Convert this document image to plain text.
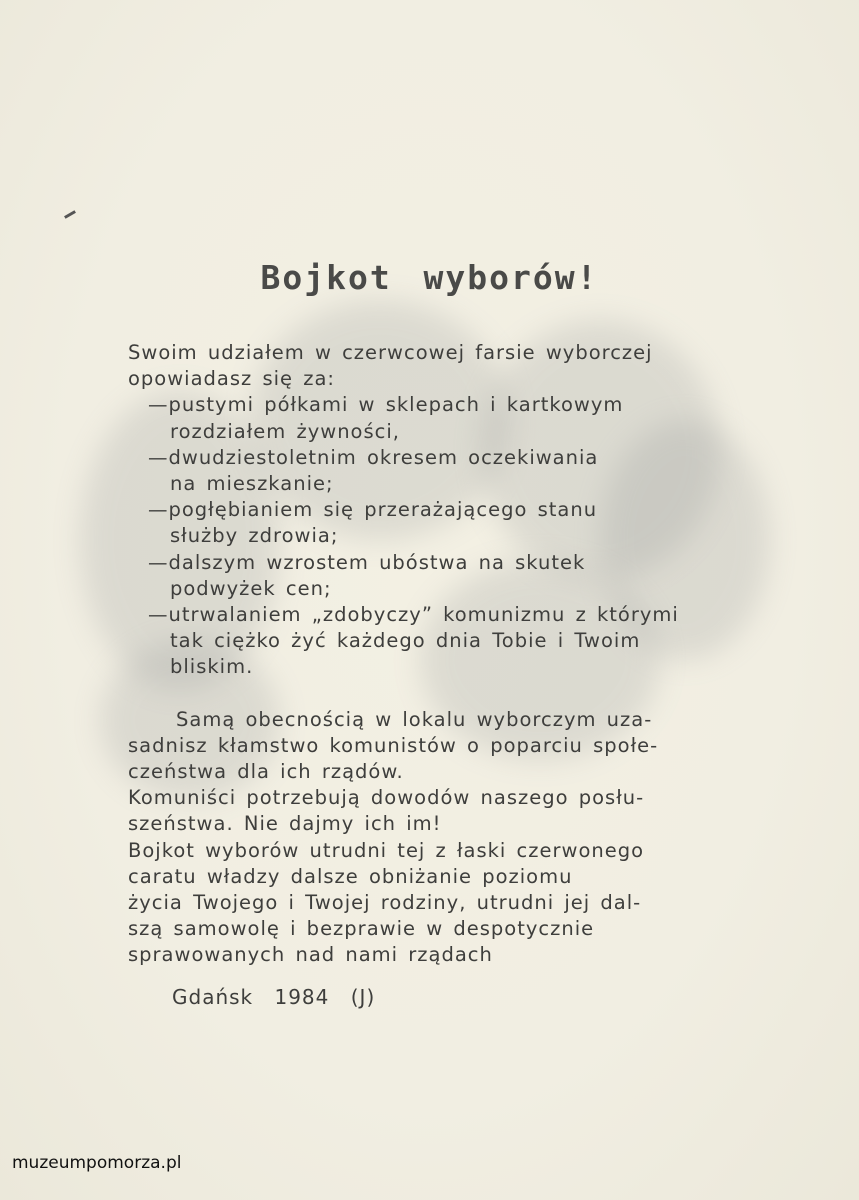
Bojkot wyborów!
Swoim udziałem w czerwcowej farsie wyborczej
opowiadasz się za:
—pustymi półkami w sklepach i kartkowym
rozdziałem żywności,
—dwudziestoletnim okresem oczekiwania
na mieszkanie;
—pogłębianiem się przerażającego stanu
służby zdrowia;
—dalszym wzrostem ubóstwa na skutek
podwyżek cen;
—utrwalaniem „zdobyczy” komunizmu z którymi
tak ciężko żyć każdego dnia Tobie i Twoim
bliskim.
Samą obecnością w lokalu wyborczym uza-
sadnisz kłamstwo komunistów o poparciu społe-
czeństwa dla ich rządów.
Komuniści potrzebują dowodów naszego posłu-
szeństwa. Nie dajmy ich im!
Bojkot wyborów utrudni tej z łaski czerwonego
caratu władzy dalsze obniżanie poziomu
życia Twojego i Twojej rodziny, utrudni jej dal-
szą samowolę i bezprawie w despotycznie
sprawowanych nad nami rządach
Gdańsk 1984 (J)
muzeumpomorza.pl
